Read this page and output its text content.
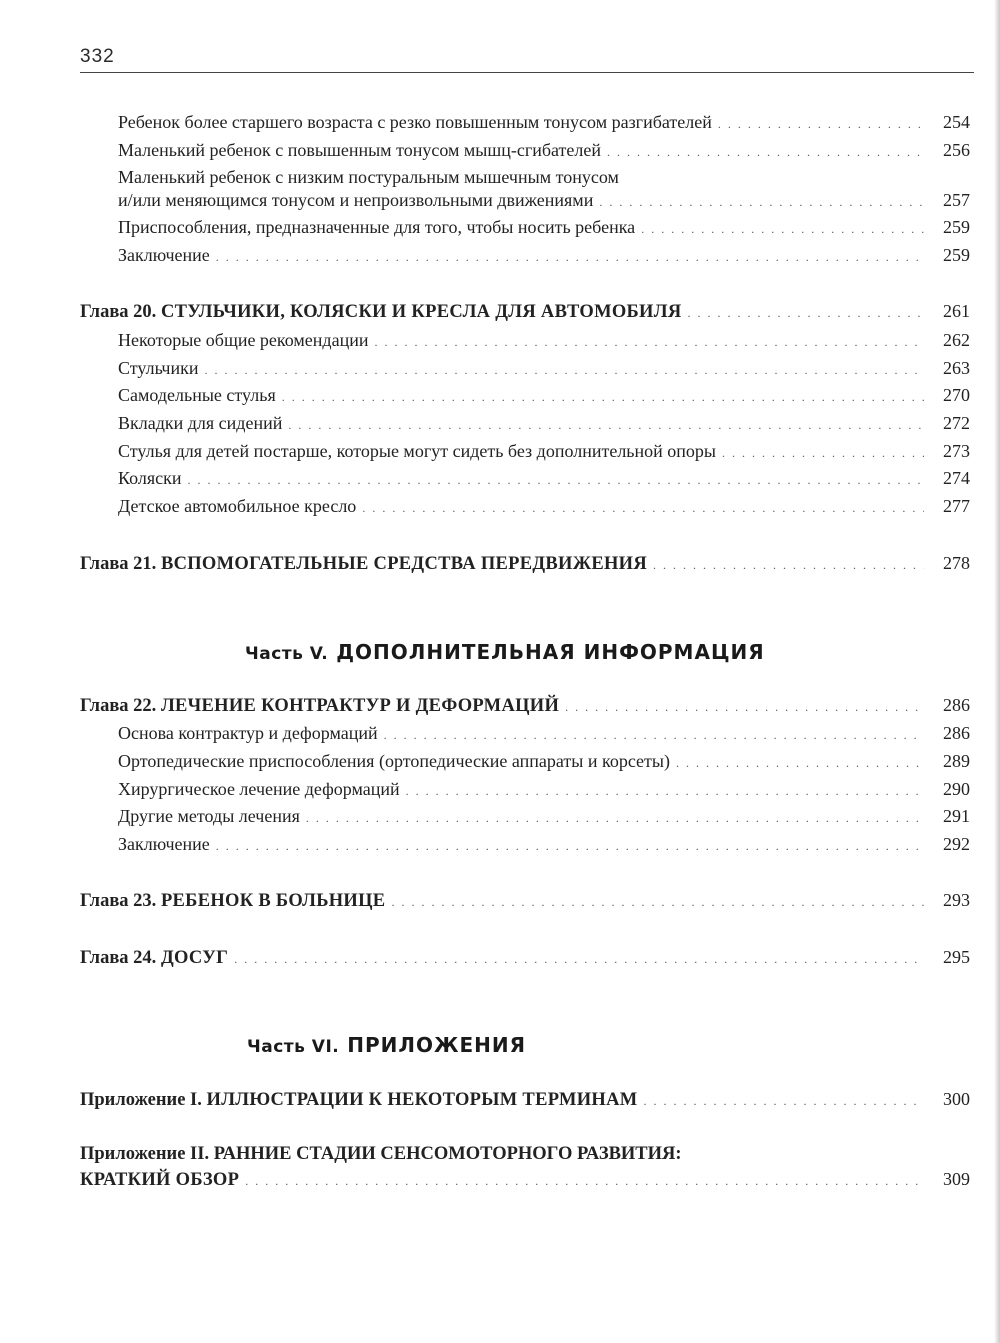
332
Ребенок более старшего возраста с резко повышенным тонусом разгибателей . . .	254
Маленький ребенок с повышенным тонусом мышц-сгибателей . . .	256
Маленький ребенок с низким постуральным мышечным тонусом
и/или меняющимся тонусом и непроизвольными движениями . . .	257
Приспособления, предназначенные для того, чтобы носить ребенка . . .	259
Заключение . . .	259
Глава 20. СТУЛЬЧИКИ, КОЛЯСКИ И КРЕСЛА ДЛЯ АВТОМОБИЛЯ . . .	261
Некоторые общие рекомендации . . .	262
Стульчики . . .	263
Самодельные стулья . . .	270
Вкладки для сидений . . .	272
Стулья для детей постарше, которые могут сидеть без дополнительной опоры . . .	273
Коляски . . .	274
Детское автомобильное кресло . . .	277
Глава 21. ВСПОМОГАТЕЛЬНЫЕ СРЕДСТВА ПЕРЕДВИЖЕНИЯ . . .	278
Часть V. ДОПОЛНИТЕЛЬНАЯ ИНФОРМАЦИЯ
Глава 22. ЛЕЧЕНИЕ КОНТРАКТУР И ДЕФОРМАЦИЙ . . .	286
Основа контрактур и деформаций . . .	286
Ортопедические приспособления (ортопедические аппараты и корсеты) . . .	289
Хирургическое лечение деформаций . . .	290
Другие методы лечения . . .	291
Заключение . . .	292
Глава 23. РЕБЕНОК В БОЛЬНИЦЕ . . .	293
Глава 24. ДОСУГ . . .	295
Часть VI. ПРИЛОЖЕНИЯ
Приложение I. ИЛЛЮСТРАЦИИ К НЕКОТОРЫМ ТЕРМИНАМ . . .	300
Приложение II. РАННИЕ СТАДИИ СЕНСОМОТОРНОГО РАЗВИТИЯ:
КРАТКИЙ ОБЗОР . . .	309
